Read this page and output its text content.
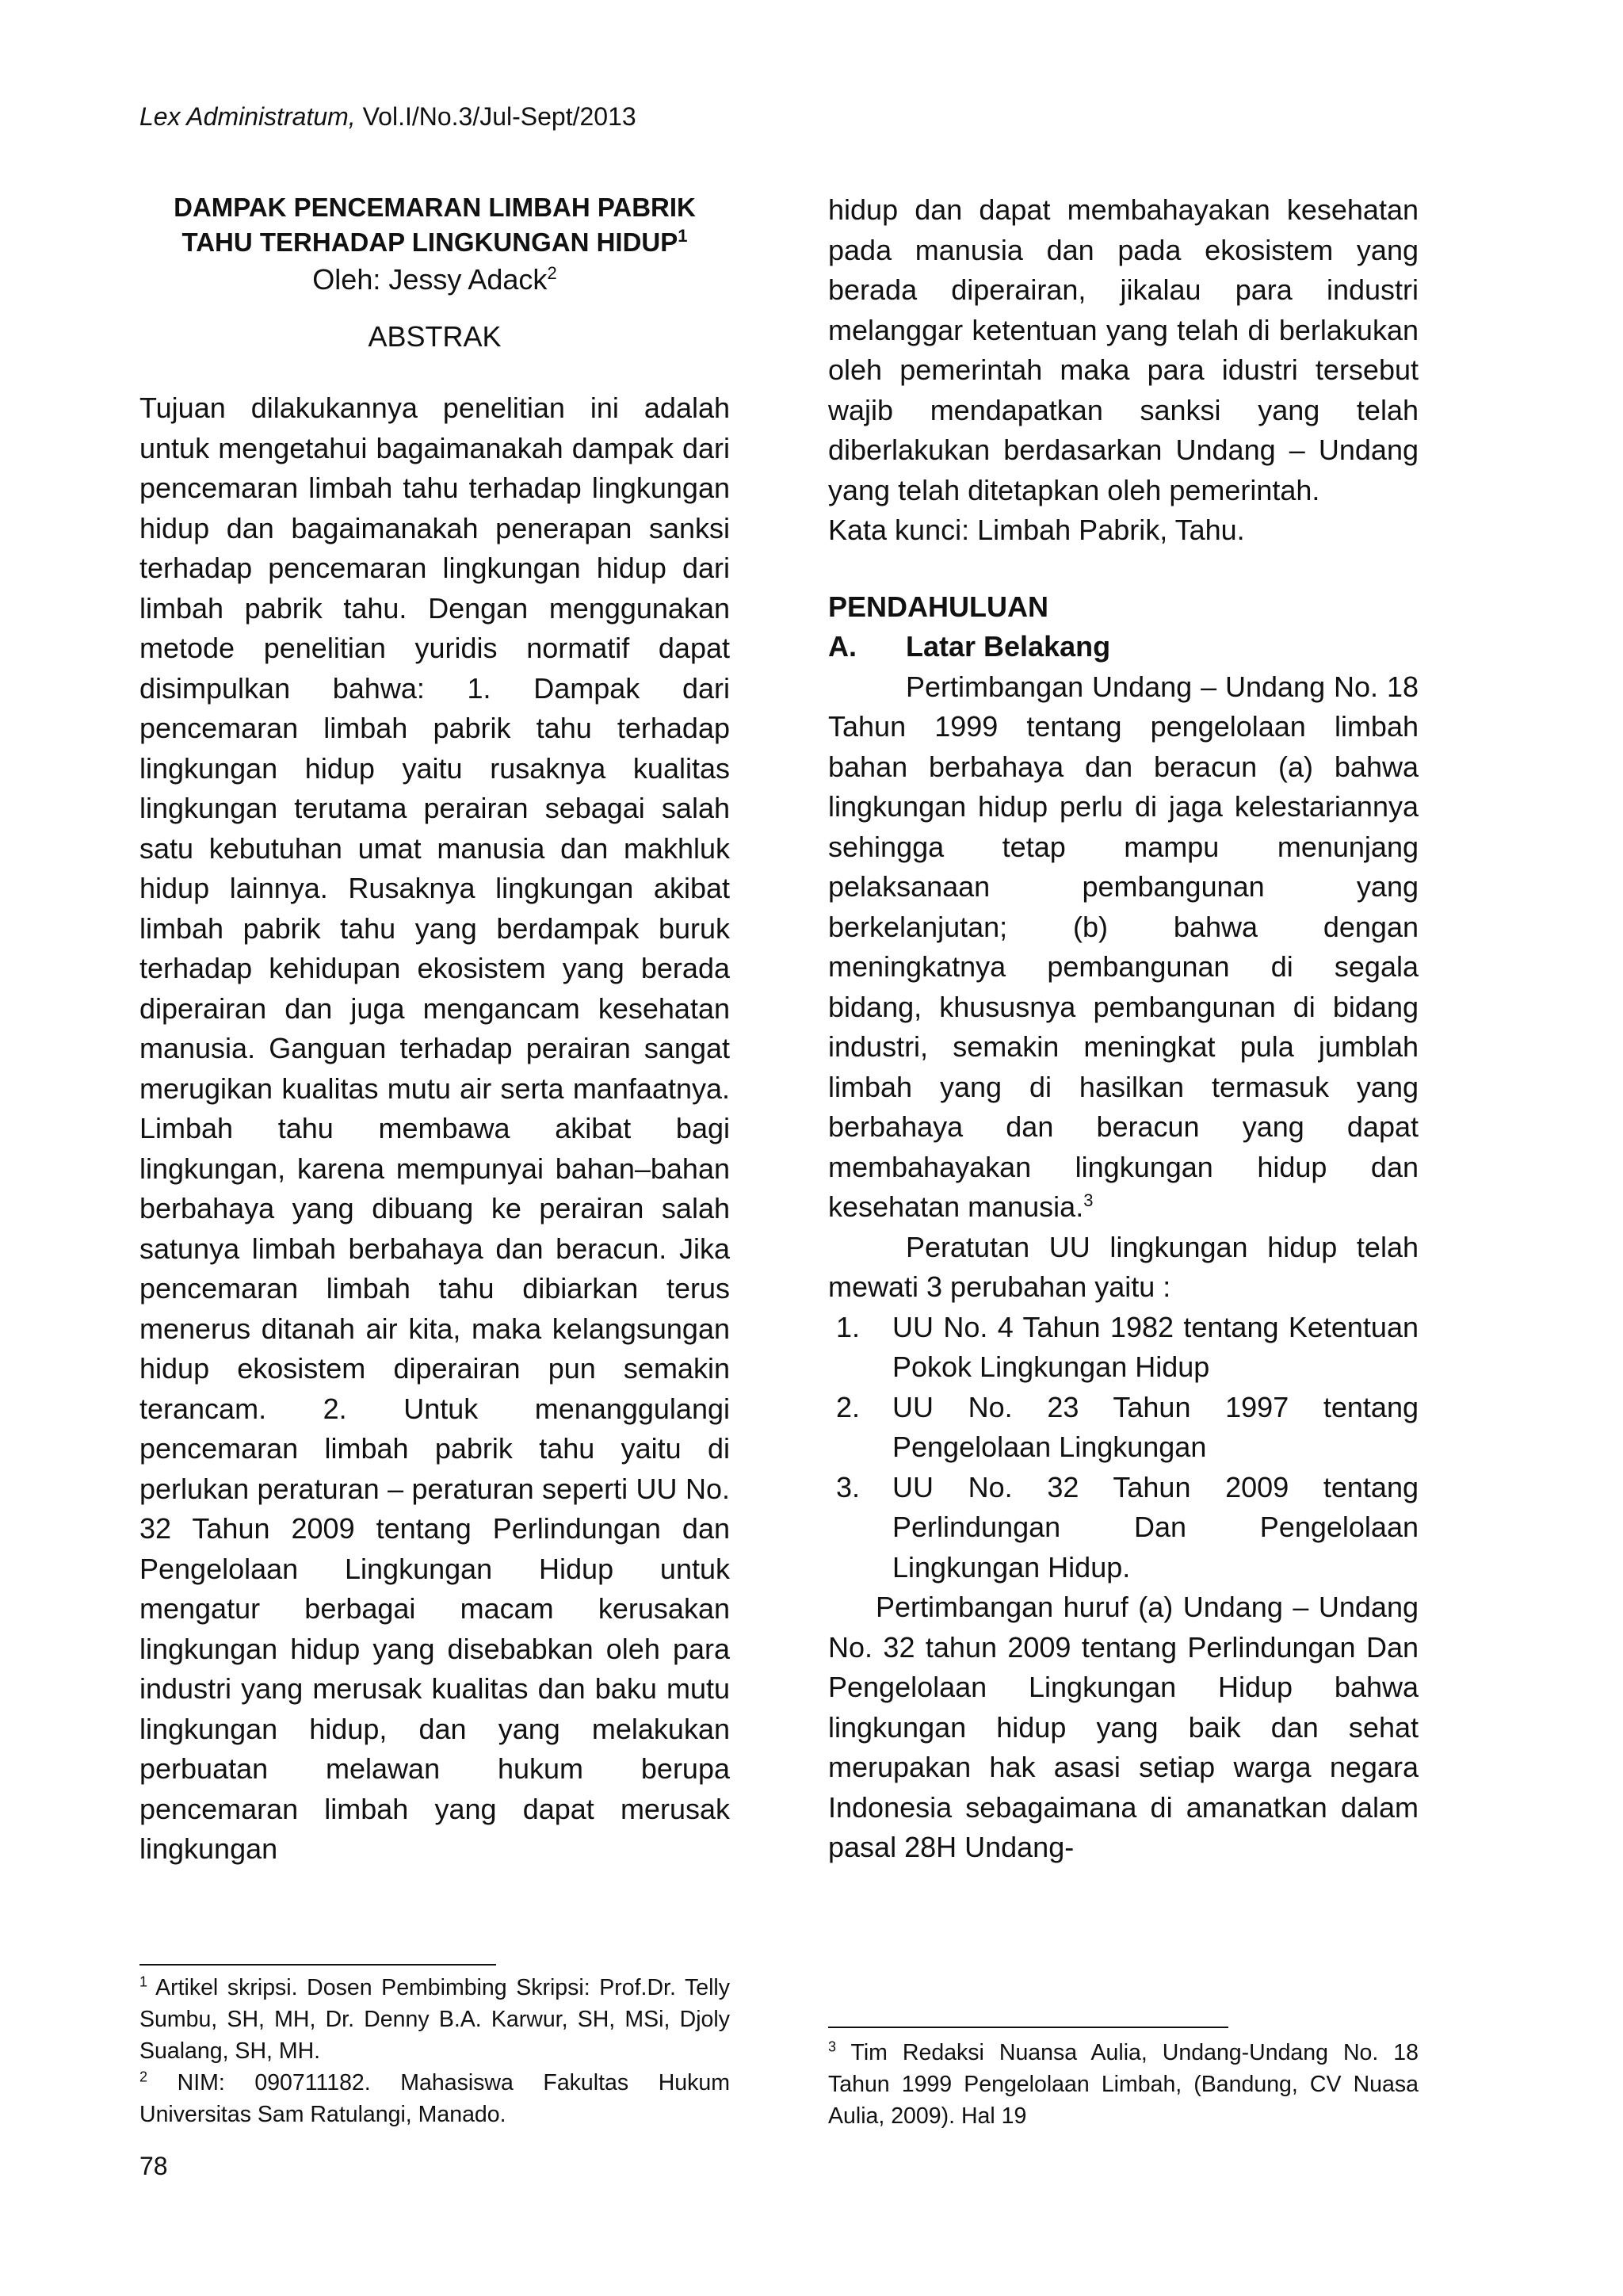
Lex Administratum, Vol.I/No.3/Jul-Sept/2013

DAMPAK PENCEMARAN LIMBAH PABRIK
TAHU TERHADAP LINGKUNGAN HIDUP$^1$

Oleh: Jessy Adack$^2$

ABSTRAK

Tujuan dilakukannya penelitian ini adalah untuk mengetahui bagaimanakah dampak dari pencemaran limbah tahu terhadap lingkungan hidup dan bagaimanakah penerapan sanksi terhadap pencemaran lingkungan hidup dari limbah pabrik tahu. Dengan menggunakan metode penelitian yuridis normatif dapat disimpulkan bahwa: 1. Dampak dari pencemaran limbah pabrik tahu terhadap lingkungan hidup yaitu rusaknya kualitas lingkungan terutama perairan sebagai salah satu kebutuhan umat manusia dan makhluk hidup lainnya. Rusaknya lingkungan akibat limbah pabrik tahu yang berdampak buruk terhadap kehidupan ekosistem yang berada diperairan dan juga mengancam kesehatan manusia. Ganguan terhadap perairan sangat merugikan kualitas mutu air serta manfaatnya. Limbah tahu membawa akibat bagi lingkungan, karena mempunyai bahan–bahan berbahaya yang dibuang ke perairan salah satunya limbah berbahaya dan beracun. Jika pencemaran limbah tahu dibiarkan terus menerus ditanah air kita, maka kelangsungan hidup ekosistem diperairan pun semakin terancam. 2. Untuk menanggulangi pencemaran limbah pabrik tahu yaitu di perlukan peraturan – peraturan seperti UU No. 32 Tahun 2009 tentang Perlindungan dan Pengelolaan Lingkungan Hidup untuk mengatur berbagai macam kerusakan lingkungan hidup yang disebabkan oleh para industri yang merusak kualitas dan baku mutu lingkungan hidup, dan yang melakukan perbuatan melawan hukum berupa pencemaran limbah yang dapat merusak lingkungan

hidup dan dapat membahayakan kesehatan pada manusia dan pada ekosistem yang berada diperairan, jikalau para industri melanggar ketentuan yang telah di berlakukan oleh pemerintah maka para idustri tersebut wajib mendapatkan sanksi yang telah diberlakukan berdasarkan Undang – Undang yang telah ditetapkan oleh pemerintah.

Kata kunci: Limbah Pabrik, Tahu.

PENDAHULUAN

A.	Latar Belakang

Pertimbangan Undang – Undang No. 18 Tahun 1999 tentang pengelolaan limbah bahan berbahaya dan beracun (a) bahwa lingkungan hidup perlu di jaga kelestariannya sehingga tetap mampu menunjang pelaksanaan pembangunan yang berkelanjutan; (b) bahwa dengan meningkatnya pembangunan di segala bidang, khususnya pembangunan di bidang industri, semakin meningkat pula jumblah limbah yang di hasilkan termasuk yang berbahaya dan beracun yang dapat membahayakan lingkungan hidup dan kesehatan manusia.$^3$

Peratutan UU lingkungan hidup telah mewati 3 perubahan yaitu :

1.	UU No. 4 Tahun 1982 tentang Ketentuan Pokok Lingkungan Hidup
2.	UU No. 23 Tahun 1997 tentang Pengelolaan Lingkungan
3.	UU No. 32 Tahun 2009 tentang Perlindungan Dan Pengelolaan Lingkungan Hidup.

Pertimbangan huruf (a) Undang – Undang No. 32 tahun 2009 tentang Perlindungan Dan Pengelolaan Lingkungan Hidup bahwa lingkungan hidup yang baik dan sehat merupakan hak asasi setiap warga negara Indonesia sebagaimana di amanatkan dalam pasal 28H Undang-

$^1$ Artikel skripsi. Dosen Pembimbing Skripsi: Prof.Dr. Telly Sumbu, SH, MH, Dr. Denny B.A. Karwur, SH, MSi, Djoly Sualang, SH, MH.
$^2$ NIM: 090711182. Mahasiswa Fakultas Hukum Universitas Sam Ratulangi, Manado.
$^3$ Tim Redaksi Nuansa Aulia, Undang-Undang No. 18 Tahun 1999 Pengelolaan Limbah, (Bandung, CV Nuasa Aulia, 2009). Hal 19
78
